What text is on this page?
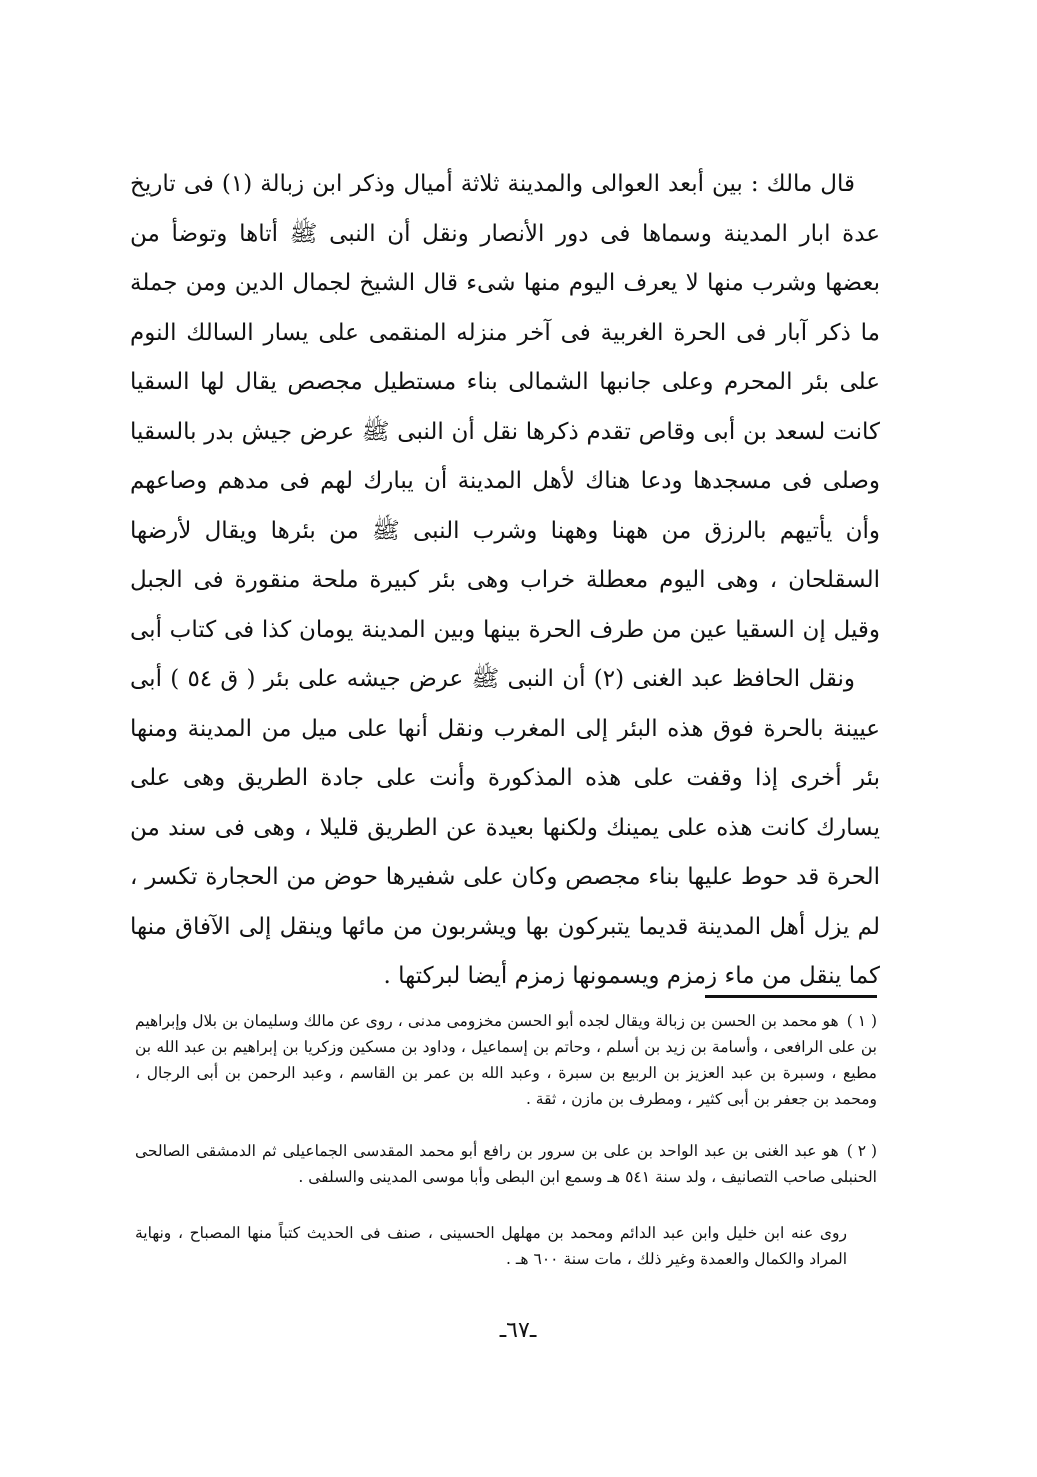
قال مالك : بين أبعد العوالى والمدينة ثلاثة أميال وذكر ابن زبالة (١) فى تاريخ عدة ابار المدينة وسماها فى دور الأنصار ونقل أن النبى ﷺ أتاها وتوضأ من بعضها وشرب منها لا يعرف اليوم منها شىء قال الشيخ لجمال الدين ومن جملة ما ذكر آبار فى الحرة الغربية فى آخر منزله المنقمى على يسار السالك النوم على بئر المحرم وعلى جانبها الشمالى بناء مستطيل مجصص يقال لها السقيا كانت لسعد بن أبى وقاص تقدم ذكرها نقل أن النبى ﷺ عرض جيش بدر بالسقيا وصلى فى مسجدها ودعا هناك لأهل المدينة أن يبارك لهم فى مدهم وصاعهم وأن يأتيهم بالرزق من ههنا وههنا وشرب النبى ﷺ من بئرها ويقال لأرضها السقلحان ، وهى اليوم معطلة خراب وهى بئر كبيرة ملحة منقورة فى الجبل وقيل إن السقيا عين من طرف الحرة بينها وبين المدينة يومان كذا فى كتاب أبى

ونقل الحافظ عبد الغنى (٢) أن النبى ﷺ عرض جيشه على بئر ( ق ٥٤ ) أبى عيينة بالحرة فوق هذه البئر إلى المغرب ونقل أنها على ميل من المدينة ومنها بئر أخرى إذا وقفت على هذه المذكورة وأنت على جادة الطريق وهى على يسارك كانت هذه على يمينك ولكنها بعيدة عن الطريق قليلا ، وهى فى سند من الحرة قد حوط عليها بناء مجصص وكان على شفيرها حوض من الحجارة تكسر ، لم يزل أهل المدينة قديما يتبركون بها ويشربون من مائها وينقل إلى الآفاق منها كما ينقل من ماء زمزم ويسمونها زمزم أيضا لبركتها .

( ١ )هو محمد بن الحسن بن زبالة ويقال لجده أبو الحسن مخزومى مدنى ، روى عن مالك وسليمان بن بلال وإبراهيم بن على الرافعى ، وأسامة بن زيد بن أسلم ، وحاتم بن إسماعيل ، وداود بن مسكين وزكريا بن إبراهيم بن عبد الله بن مطيع ، وسبرة بن عبد العزيز بن الربيع بن سبرة ، وعبد الله بن عمر بن القاسم ، وعبد الرحمن بن أبى الرجال ، ومحمد بن جعفر بن أبى كثير ، ومطرف بن مازن ، ثقة .

( ٢ )هو عبد الغنى بن عبد الواحد بن على بن سرور بن رافع أبو محمد المقدسى الجماعيلى ثم الدمشقى الصالحى الحنبلى صاحب التصانيف ، ولد سنة ٥٤١ هـ وسمع ابن البطى وأبا موسى المدينى والسلفى .

روى عنه ابن خليل وابن عبد الدائم ومحمد بن مهلهل الحسينى ، صنف فى الحديث كتباً منها المصباح ، ونهاية المراد والكمال والعمدة وغير ذلك ، مات سنة ٦٠٠ هـ .

ـ٦٧ـ
